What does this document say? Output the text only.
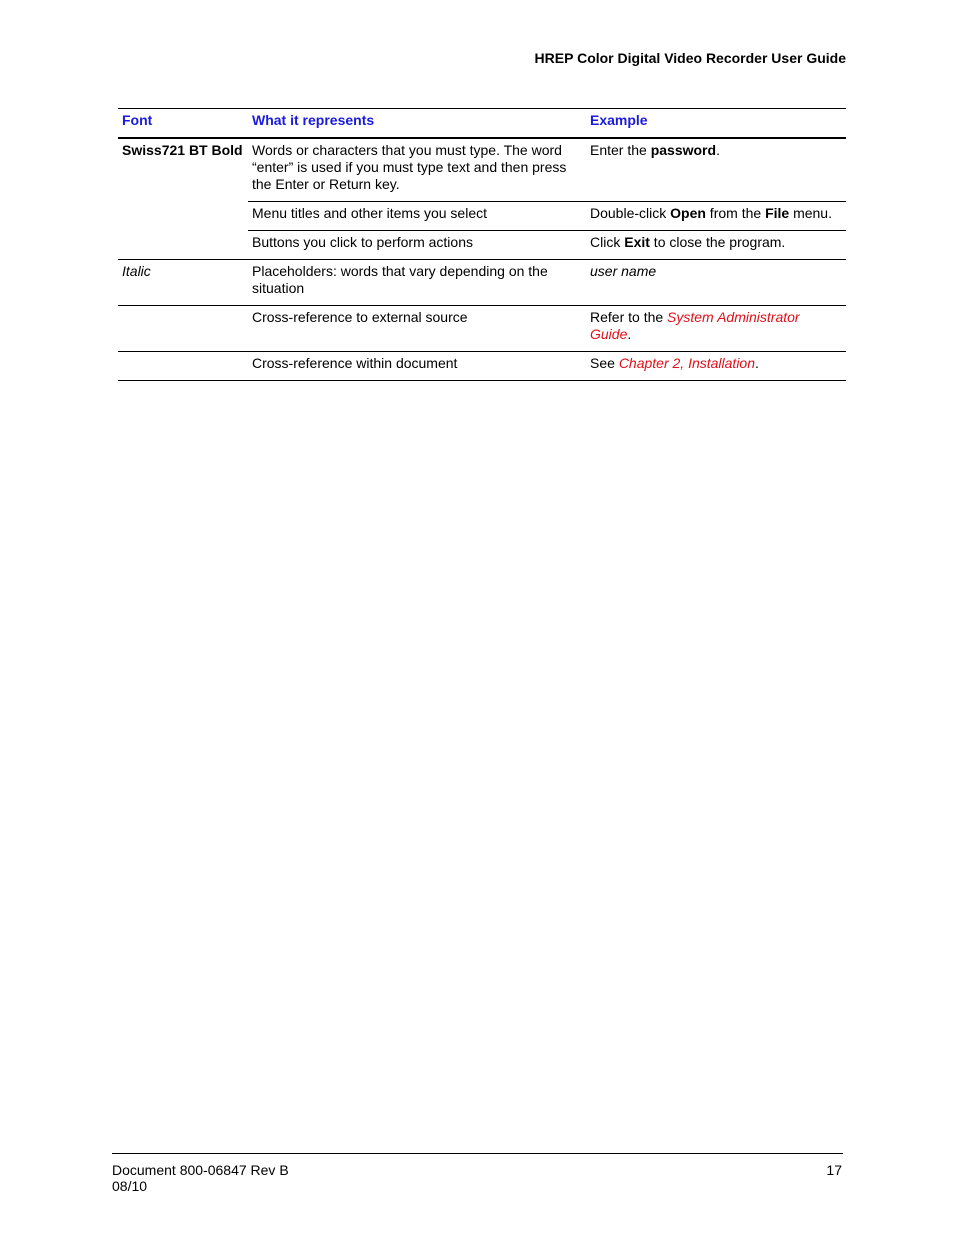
HREP Color Digital Video Recorder User Guide
Font	What it represents	Example
Swiss721 BT Bold	Words or characters that you must type. The word “enter” is used if you must type text and then press the Enter or Return key.	Enter the password.
	Menu titles and other items you select	Double-click Open from the File menu.
	Buttons you click to perform actions	Click Exit to close the program.
Italic	Placeholders: words that vary depending on the situation	user name
	Cross-reference to external source	Refer to the System Administrator Guide.
	Cross-reference within document	See Chapter 2, Installation.
Document 800-06847 Rev B
08/10
17
